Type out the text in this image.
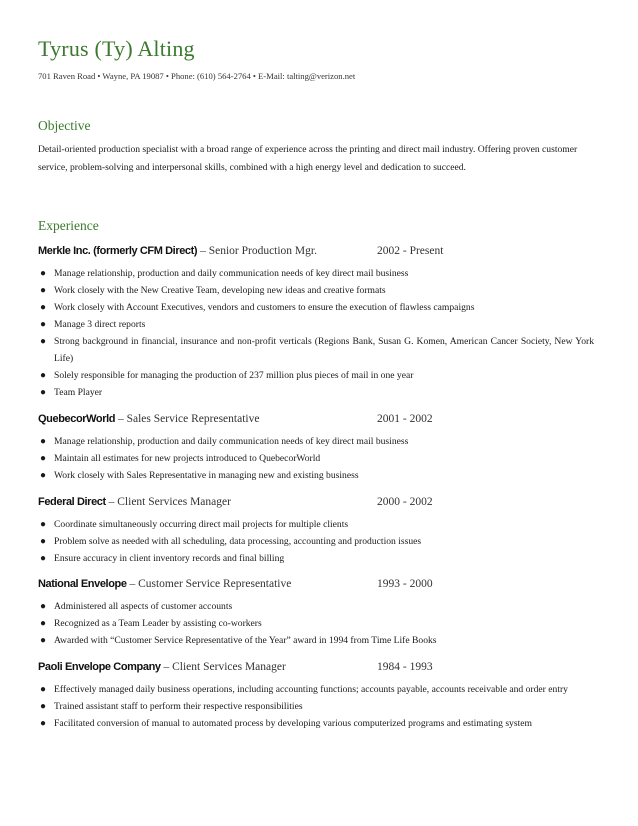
Tyrus (Ty) Alting
701 Raven Road • Wayne, PA 19087 • Phone: (610) 564-2764 • E-Mail: talting@verizon.net
Objective
Detail-oriented production specialist with a broad range of experience across the printing and direct mail industry. Offering proven customer service, problem-solving and interpersonal skills, combined with a high energy level and dedication to succeed.
Experience
Merkle Inc. (formerly CFM Direct) – Senior Production Mgr.	2002 - Present
● Manage relationship, production and daily communication needs of key direct mail business
● Work closely with the New Creative Team, developing new ideas and creative formats
● Work closely with Account Executives, vendors and customers to ensure the execution of flawless campaigns
● Manage 3 direct reports
● Strong background in financial, insurance and non-profit verticals (Regions Bank, Susan G. Komen, American Cancer Society, New York Life)
● Solely responsible for managing the production of 237 million plus pieces of mail in one year
● Team Player
QuebecorWorld – Sales Service Representative	2001 - 2002
● Manage relationship, production and daily communication needs of key direct mail business
● Maintain all estimates for new projects introduced to QuebecorWorld
● Work closely with Sales Representative in managing new and existing business
Federal Direct – Client Services Manager	2000 - 2002
● Coordinate simultaneously occurring direct mail projects for multiple clients
● Problem solve as needed with all scheduling, data processing, accounting and production issues
● Ensure accuracy in client inventory records and final billing
National Envelope – Customer Service Representative	1993 - 2000
● Administered all aspects of customer accounts
● Recognized as a Team Leader by assisting co-workers
● Awarded with “Customer Service Representative of the Year” award in 1994 from Time Life Books
Paoli Envelope Company – Client Services Manager	1984 - 1993
● Effectively managed daily business operations, including accounting functions; accounts payable, accounts receivable and order entry
● Trained assistant staff to perform their respective responsibilities
● Facilitated conversion of manual to automated process by developing various computerized programs and estimating system
